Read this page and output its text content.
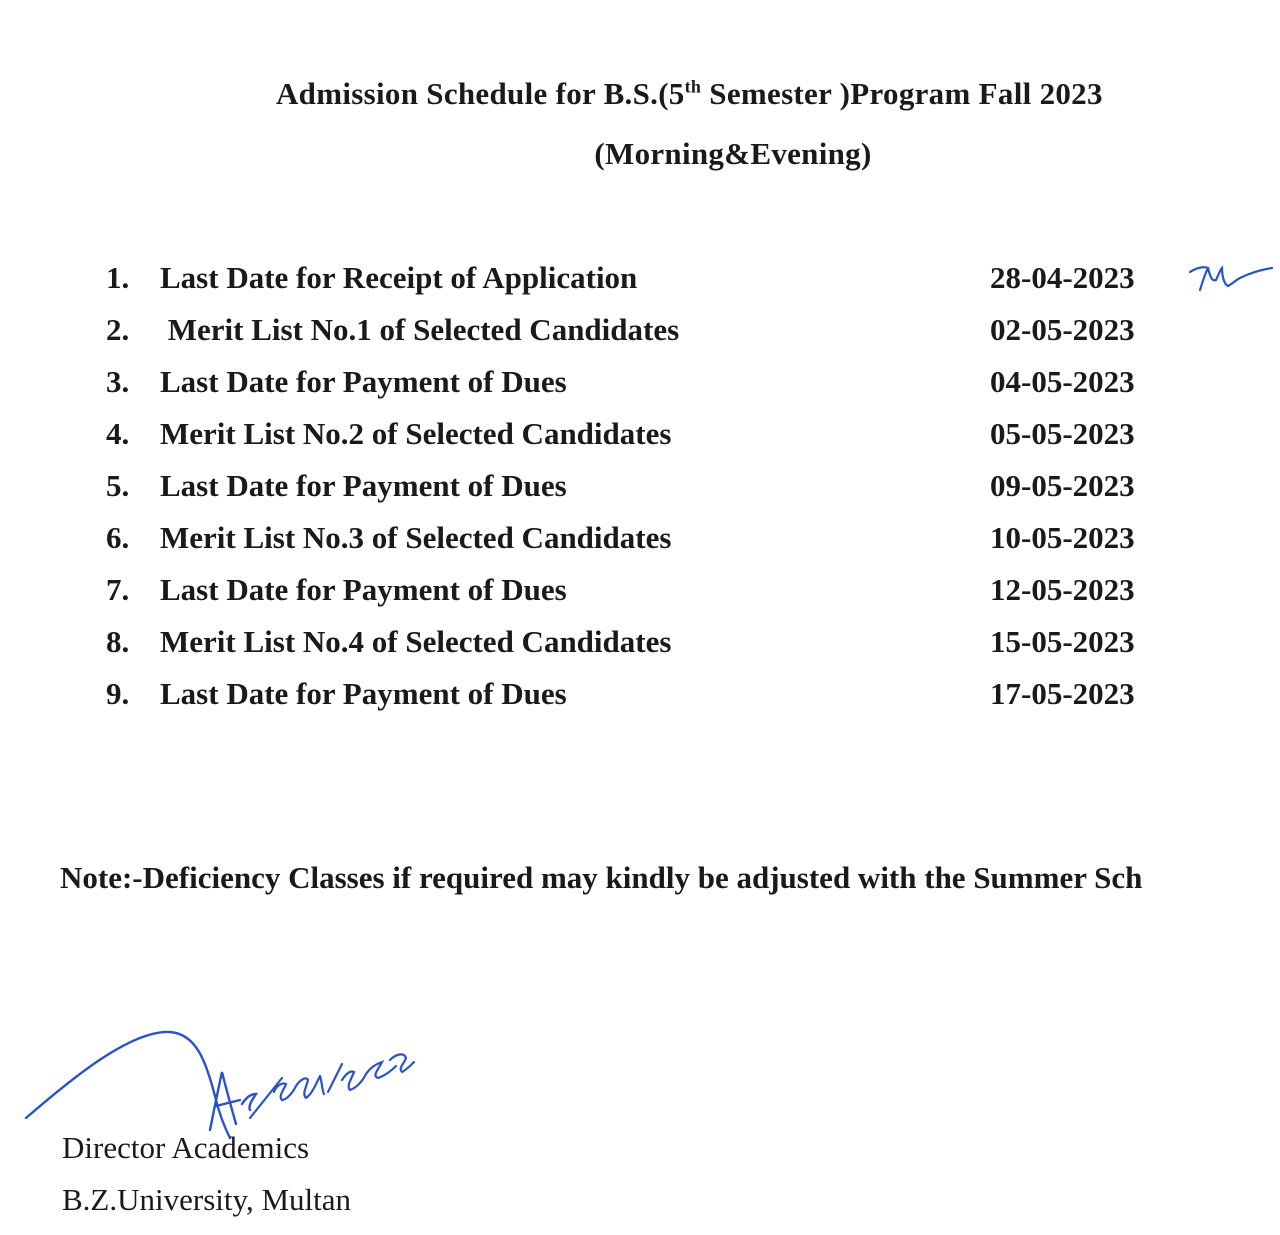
Admission Schedule for B.S.(5th Semester )Program Fall 2023
(Morning&Evening)
1. Last Date for Receipt of Application	28-04-2023
2. Merit List No.1 of Selected Candidates	02-05-2023
3. Last Date for Payment of Dues	04-05-2023
4. Merit List No.2 of Selected Candidates	05-05-2023
5. Last Date for Payment of Dues	09-05-2023
6. Merit List No.3 of Selected Candidates	10-05-2023
7. Last Date for Payment of Dues	12-05-2023
8. Merit List No.4 of Selected Candidates	15-05-2023
9. Last Date for Payment of Dues	17-05-2023
Note:-Deficiency Classes if required may kindly be adjusted with the Summer Sch
Director Academics
B.Z.University, Multan
